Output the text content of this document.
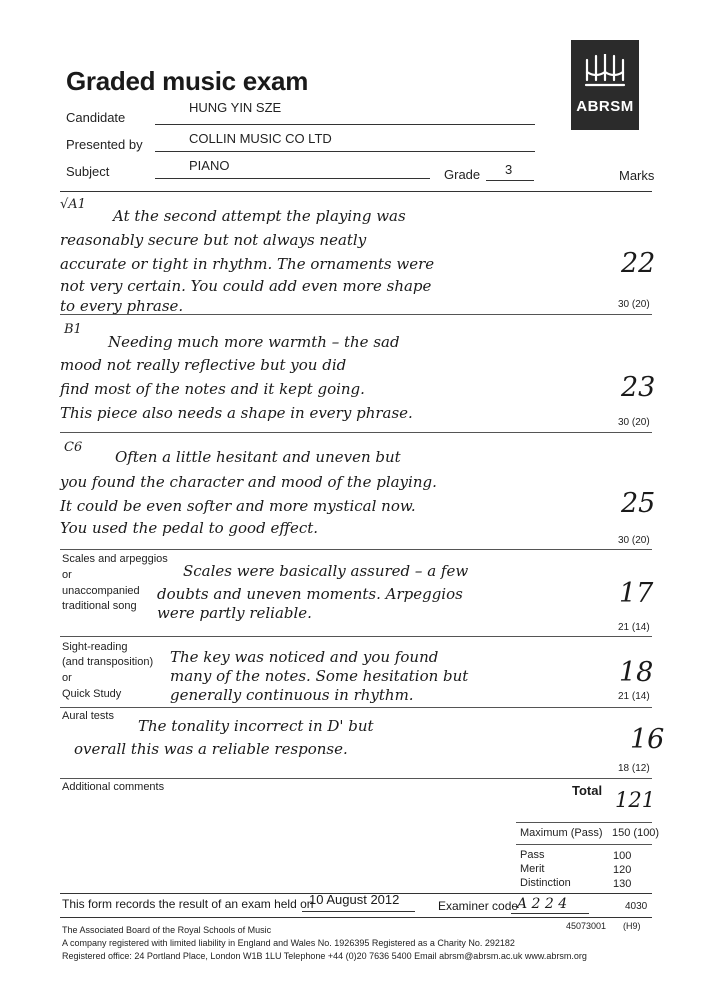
Graded music exam
ABRSM
Candidate
HUNG YIN SZE
Presented by	COLLIN MUSIC CO LTD
Subject	PIANO
Grade 3	Marks
√A1
At the second attempt the playing was
reasonably secure but not always neatly
accurate or tight in rhythm. The ornaments were
not very certain. You could add even more shape
to every phrase.
22
30 (20)
B1
Needing much more warmth – the sad
mood not really reflective but you did
find most of the notes and it kept going.
This piece also needs a shape in every phrase.
23
30 (20)
C6
Often a little hesitant and uneven but
you found the character and mood of the playing.
It could be even softer and more mystical now.
You used the pedal to good effect.
25
30 (20)
Scales and arpeggios
or
unaccompanied
traditional song
Scales were basically assured – a few
doubts and uneven moments. Arpeggios
were partly reliable.
17
21 (14)
Sight-reading
(and transposition)
or
Quick Study
The key was noticed and you found
many of the notes. Some hesitation but
generally continuous in rhythm.
18
21 (14)
Aural tests
The tonality incorrect in D' but
overall this was a reliable response.	16
18 (12)
Additional comments	Total 121
Maximum (Pass) 150 (100)
Pass	100
Merit	120
Distinction	130
This form records the result of an exam held on
10 August 2012	Examiner code
A 2 2 4	4030
45073001 (H9)
The Associated Board of the Royal Schools of Music
A company registered with limited liability in England and Wales No. 1926395 Registered as a Charity No. 292182
Registered office: 24 Portland Place, London W1B 1LU Telephone +44 (0)20 7636 5400 Email abrsm@abrsm.ac.uk www.abrsm.org
